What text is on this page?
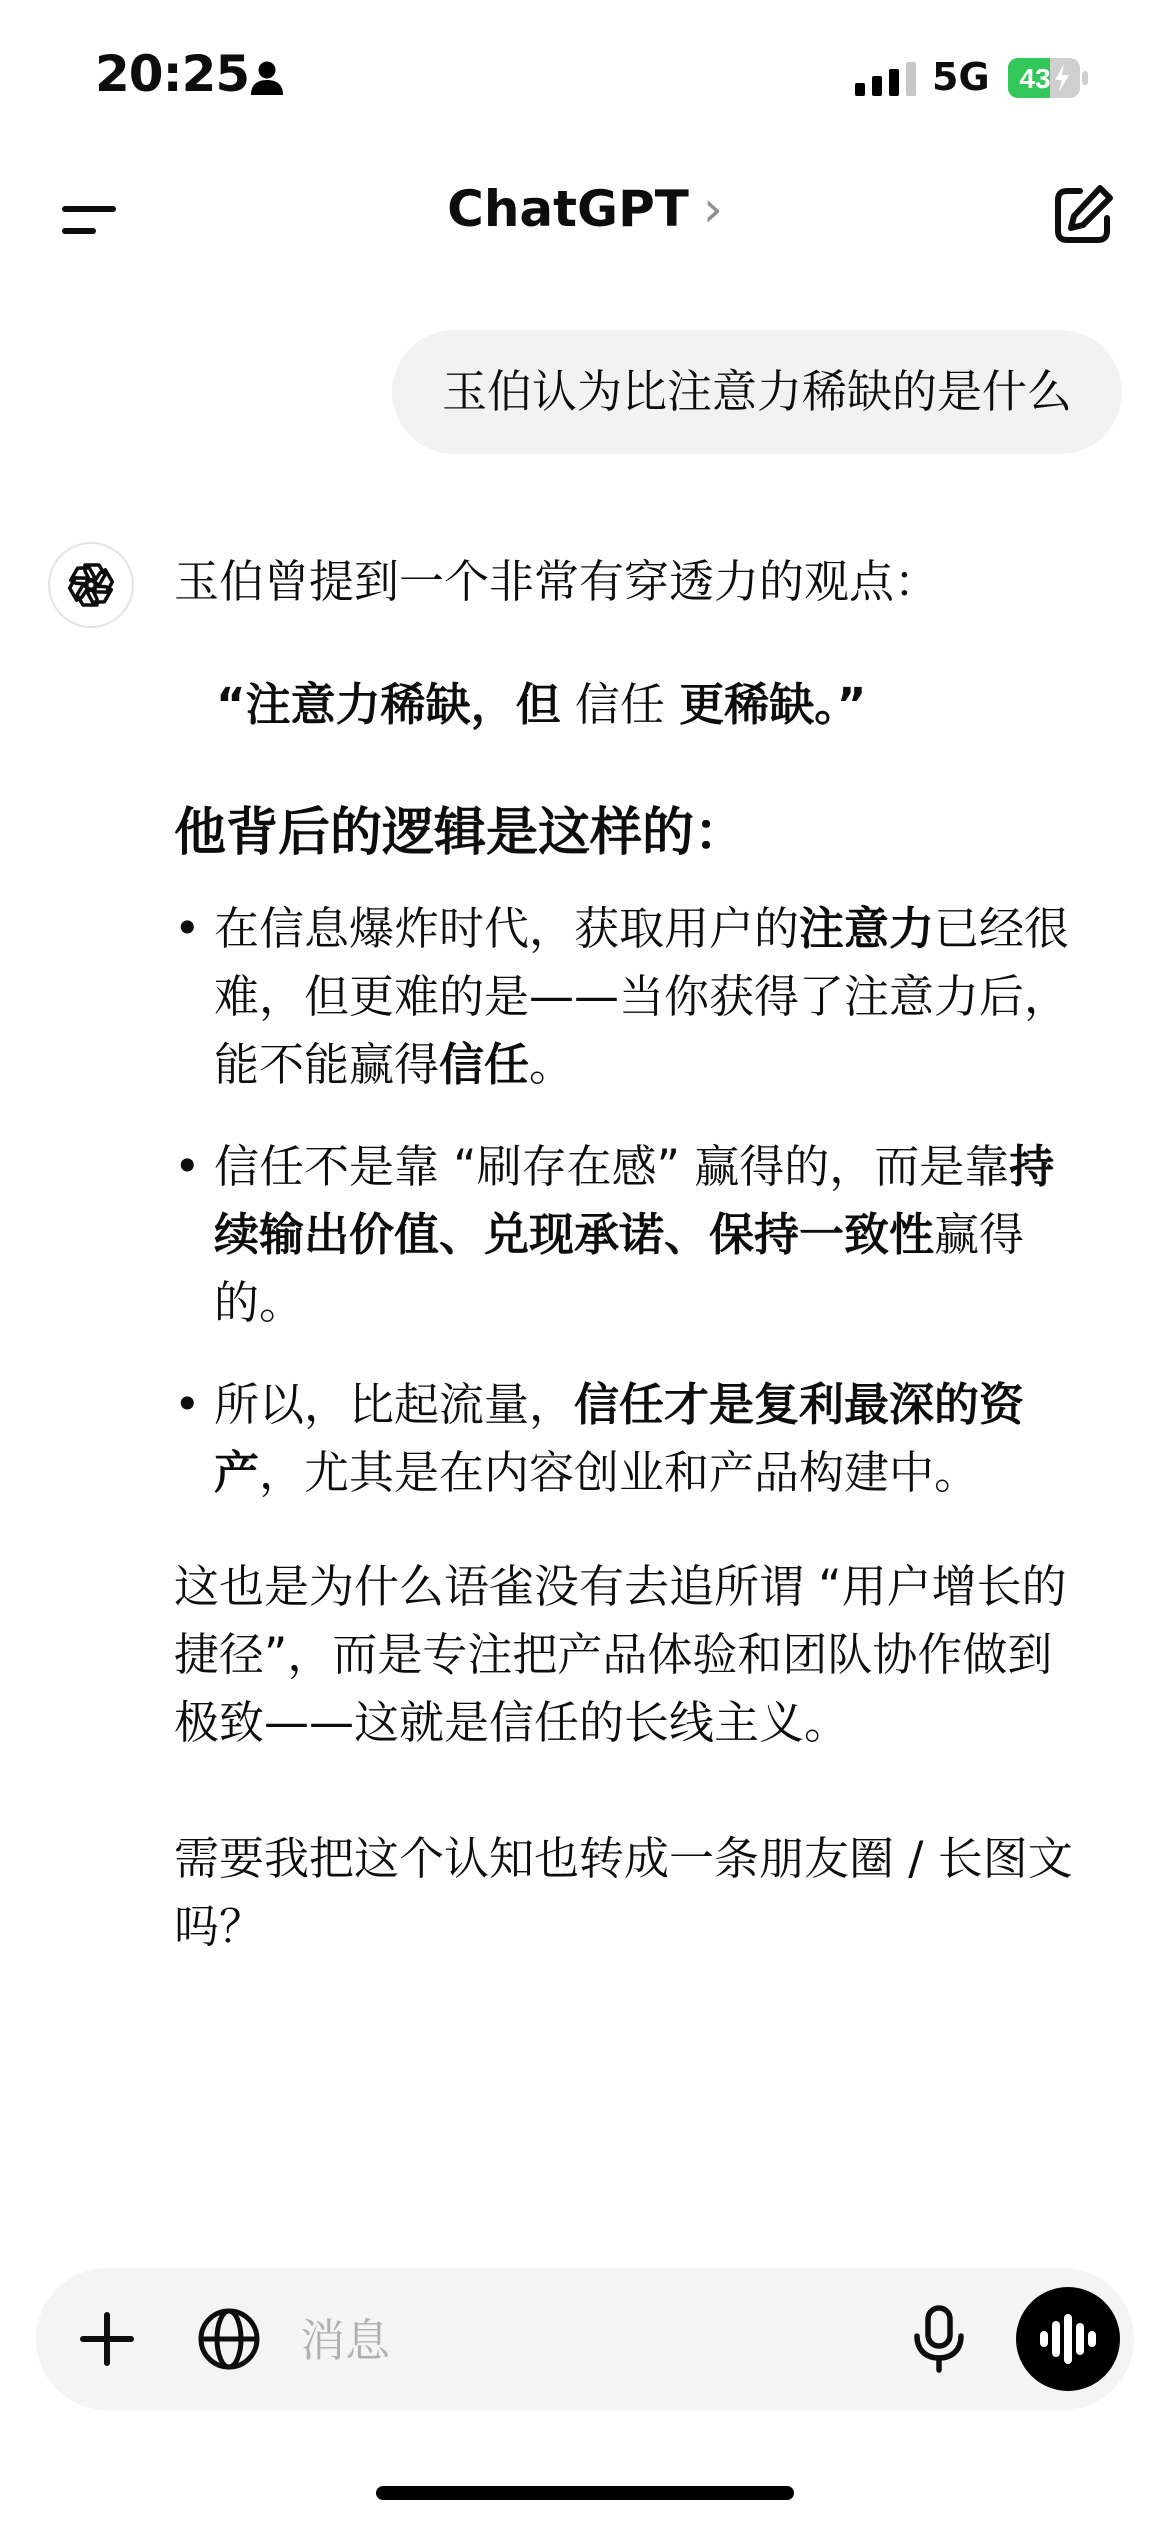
20:25	5G 43
ChatGPT ›
玉伯认为比注意力稀缺的是什么

玉伯曾提到一个非常有穿透力的观点：

“注意力稀缺，但 信任 更稀缺。”

他背后的逻辑是这样的：
• 在信息爆炸时代，获取用户的注意力已经很难，但更难的是——当你获得了注意力后，能不能赢得信任。
• 信任不是靠 “刷存在感” 赢得的，而是靠持续输出价值、兑现承诺、保持一致性赢得的。
• 所以，比起流量，信任才是复利最深的资产，尤其是在内容创业和产品构建中。

这也是为什么语雀没有去追所谓 “用户增长的捷径”，而是专注把产品体验和团队协作做到极致——这就是信任的长线主义。

需要我把这个认知也转成一条朋友圈 / 长图文吗？

消息
